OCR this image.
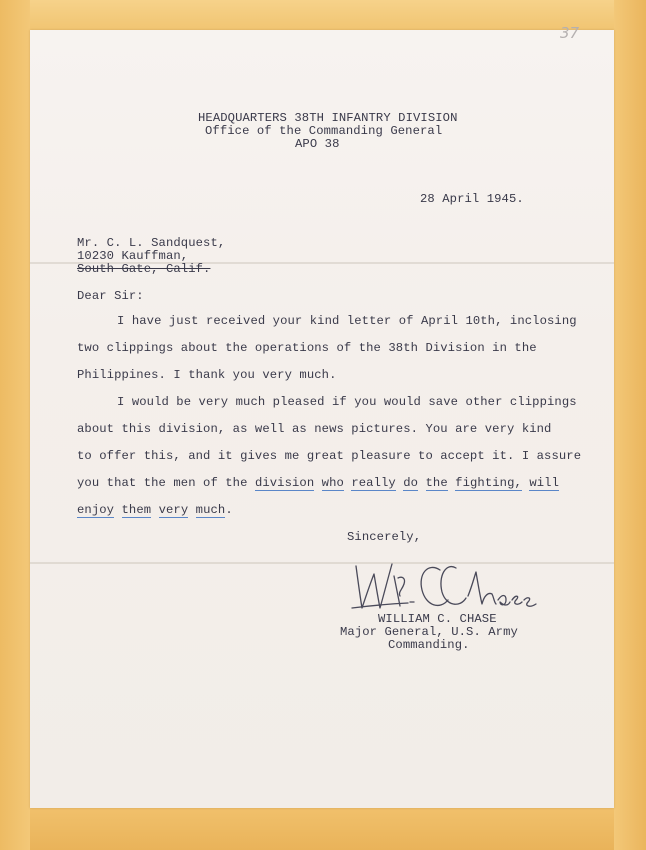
37
HEADQUARTERS 38TH INFANTRY DIVISION
Office of the Commanding General
APO 38
28 April 1945.
Mr. C. L. Sandquest,
10230 Kauffman,
South Gate, Calif.
Dear Sir:
I have just received your kind letter of April 10th, inclosing
two clippings about the operations of the 38th Division in the
Philippines. I thank you very much.
I would be very much pleased if you would save other clippings
about this division, as well as news pictures. You are very kind
to offer this, and it gives me great pleasure to accept it. I assure
you that the men of the division who really do the fighting, will
enjoy them very much.
Sincerely,
WILLIAM C. CHASE
Major General, U.S. Army
Commanding.
